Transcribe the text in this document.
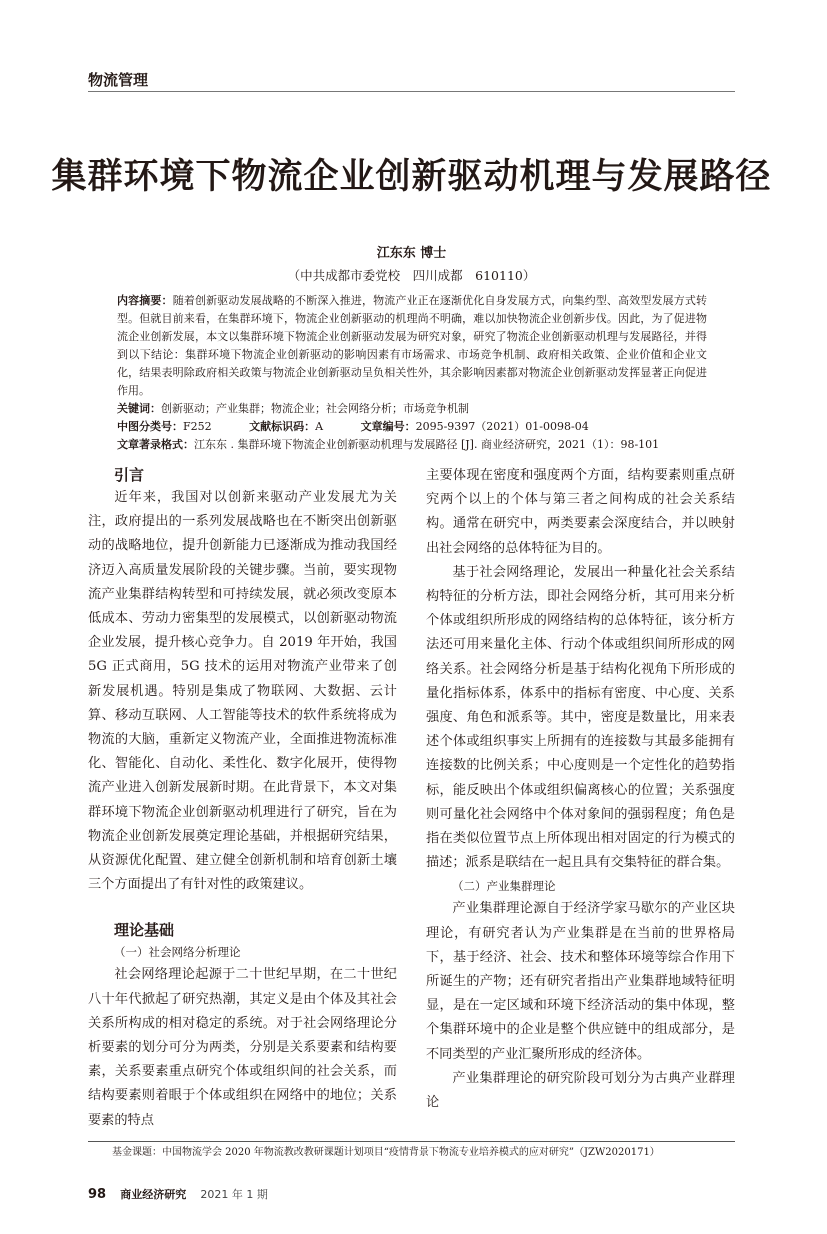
物流管理
集群环境下物流企业创新驱动机理与发展路径
江东东 博士
（中共成都市委党校　四川成都　610110）
内容摘要：随着创新驱动发展战略的不断深入推进，物流产业正在逐渐优化自身发展方式，向集约型、高效型发展方式转型。但就目前来看，在集群环境下，物流企业创新驱动的机理尚不明确，难以加快物流企业创新步伐。因此，为了促进物流企业创新发展，本文以集群环境下物流企业创新驱动发展为研究对象，研究了物流企业创新驱动机理与发展路径，并得到以下结论：集群环境下物流企业创新驱动的影响因素有市场需求、市场竞争机制、政府相关政策、企业价值和企业文化，结果表明除政府相关政策与物流企业创新驱动呈负相关性外，其余影响因素都对物流企业创新驱动发挥显著正向促进作用。
关键词：创新驱动；产业集群；物流企业；社会网络分析；市场竞争机制
中图分类号：F252	文献标识码：A	文章编号：2095-9397（2021）01-0098-04
文章著录格式：江东东 . 集群环境下物流企业创新驱动机理与发展路径 [J]. 商业经济研究，2021（1）：98-101
引言

近年来，我国对以创新来驱动产业发展尤为关注，政府提出的一系列发展战略也在不断突出创新驱动的战略地位，提升创新能力已逐渐成为推动我国经济迈入高质量发展阶段的关键步骤。当前，要实现物流产业集群结构转型和可持续发展，就必须改变原本低成本、劳动力密集型的发展模式，以创新驱动物流企业发展，提升核心竞争力。自 2019 年开始，我国 5G 正式商用，5G 技术的运用对物流产业带来了创新发展机遇。特别是集成了物联网、大数据、云计算、移动互联网、人工智能等技术的软件系统将成为物流的大脑，重新定义物流产业，全面推进物流标准化、智能化、自动化、柔性化、数字化展开，使得物流产业进入创新发展新时期。在此背景下，本文对集群环境下物流企业创新驱动机理进行了研究，旨在为物流企业创新发展奠定理论基础，并根据研究结果，从资源优化配置、建立健全创新机制和培育创新土壤三个方面提出了有针对性的政策建议。

理论基础
（一）社会网络分析理论

社会网络理论起源于二十世纪早期，在二十世纪八十年代掀起了研究热潮，其定义是由个体及其社会关系所构成的相对稳定的系统。对于社会网络理论分析要素的划分可分为两类，分别是关系要素和结构要素，关系要素重点研究个体或组织间的社会关系，而结构要素则着眼于个体或组织在网络中的地位；关系要素的特点

主要体现在密度和强度两个方面，结构要素则重点研究两个以上的个体与第三者之间构成的社会关系结构。通常在研究中，两类要素会深度结合，并以映射出社会网络的总体特征为目的。

基于社会网络理论，发展出一种量化社会关系结构特征的分析方法，即社会网络分析，其可用来分析个体或组织所形成的网络结构的总体特征，该分析方法还可用来量化主体、行动个体或组织间所形成的网络关系。社会网络分析是基于结构化视角下所形成的量化指标体系，体系中的指标有密度、中心度、关系强度、角色和派系等。其中，密度是数量比，用来表述个体或组织事实上所拥有的连接数与其最多能拥有连接数的比例关系；中心度则是一个定性化的趋势指标，能反映出个体或组织偏离核心的位置；关系强度则可量化社会网络中个体对象间的强弱程度；角色是指在类似位置节点上所体现出相对固定的行为模式的描述；派系是联结在一起且具有交集特征的群合集。

（二）产业集群理论

产业集群理论源自于经济学家马歇尔的产业区块理论，有研究者认为产业集群是在当前的世界格局下，基于经济、社会、技术和整体环境等综合作用下所诞生的产物；还有研究者指出产业集群地域特征明显，是在一定区域和环境下经济活动的集中体现，整个集群环境中的企业是整个供应链中的组成部分，是不同类型的产业汇聚所形成的经济体。

产业集群理论的研究阶段可划分为古典产业群理论

基金课题：中国物流学会 2020 年物流教改教研课题计划项目“疫情背景下物流专业培养模式的应对研究”（JZW2020171）
98 商业经济研究 2021 年 1 期
